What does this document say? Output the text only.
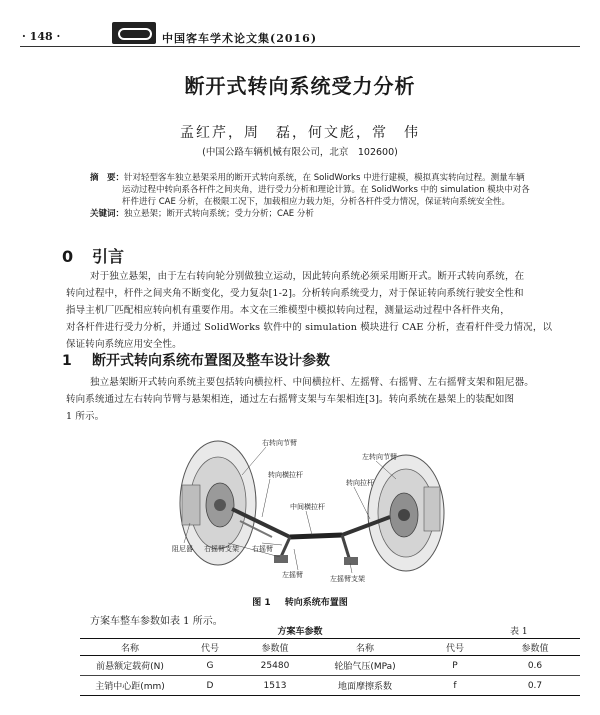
· 148 ·	中国客车学术论文集(2016)
断开式转向系统受力分析
孟红芹，周　磊，何文彪，常　伟
(中国公路车辆机械有限公司，北京　102600)
摘　要：针对轻型客车独立悬架采用的断开式转向系统，在 SolidWorks 中进行建模，模拟真实转向过程。测量车辆
运动过程中转向系各杆件之间夹角，进行受力分析和理论计算。在 SolidWorks 中的 simulation 模块中对各
杆件进行 CAE 分析，在极限工况下，加载相应力载力矩，分析各杆件受力情况，保证转向系统安全性。
关键词：独立悬架；断开式转向系统；受力分析；CAE 分析
0 引言
对于独立悬架，由于左右转向轮分别做独立运动，因此转向系统必须采用断开式。断开式转向系统，在
转向过程中，杆件之间夹角不断变化，受力复杂[1-2]。分析转向系统受力，对于保证转向系统行驶安全性和
指导主机厂匹配相应转向机有重要作用。本文在三维模型中模拟转向过程，测量运动过程中各杆件夹角，
对各杆件进行受力分析，并通过 SolidWorks 软件中的 simulation 模块进行 CAE 分析，查看杆件受力情况，以
保证转向系统应用安全性。
1 断开式转向系统布置图及整车设计参数
独立悬架断开式转向系统主要包括转向横拉杆、中间横拉杆、左摇臂、右摇臂、左右摇臂支架和阻尼器。
转向系统通过左右转向节臂与悬架相连，通过左右摇臂支架与车架相连[3]。转向系统在悬架上的装配如图
1 所示。
右转向节臂
左转向节臂
转向横拉杆
转向拉杆
中间横拉杆
阻尼器 右摇臂支架 右摇臂
左摇臂	左摇臂支架
图 1 转向系统布置图
方案车整车参数如表 1 所示。
方案车参数	表 1
名称	代号	参数值	名称	代号	参数值
前悬额定载荷(N)	G	25480	轮胎气压(MPa)	P	0.6
主销中心距(mm)	D	1513	地面摩擦系数	f	0.7
